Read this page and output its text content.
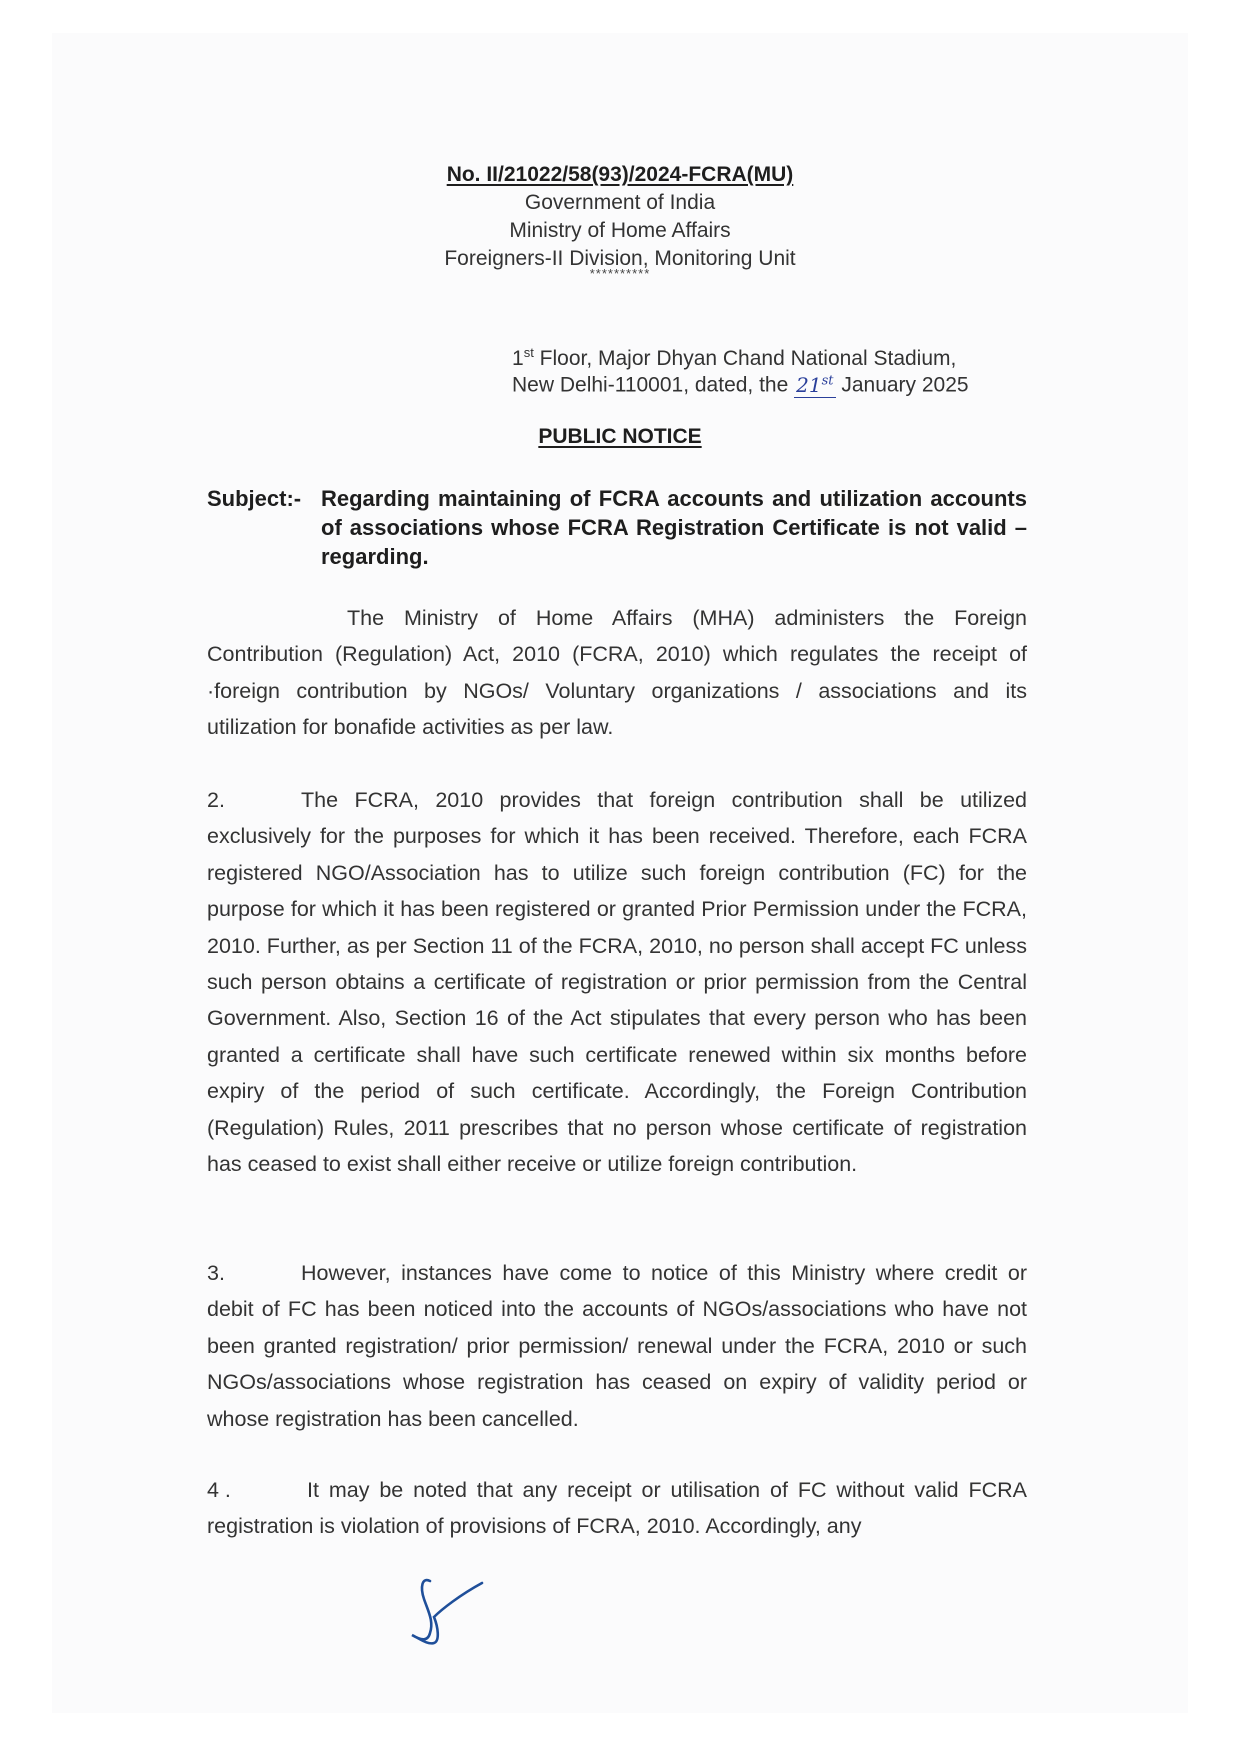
No. II/21022/58(93)/2024-FCRA(MU)
Government of India
Ministry of Home Affairs
Foreigners-II Division, Monitoring Unit
**********
1st Floor, Major Dhyan Chand National Stadium,
New Delhi-110001, dated, the 21st January 2025
PUBLIC NOTICE
Subject:- Regarding maintaining of FCRA accounts and utilization accounts of associations whose FCRA Registration Certificate is not valid – regarding.
The Ministry of Home Affairs (MHA) administers the Foreign Contribution (Regulation) Act, 2010 (FCRA, 2010) which regulates the receipt of ·foreign contribution by NGOs/ Voluntary organizations / associations and its utilization for bonafide activities as per law.
2.	The FCRA, 2010 provides that foreign contribution shall be utilized exclusively for the purposes for which it has been received. Therefore, each FCRA registered NGO/Association has to utilize such foreign contribution (FC) for the purpose for which it has been registered or granted Prior Permission under the FCRA, 2010. Further, as per Section 11 of the FCRA, 2010, no person shall accept FC unless such person obtains a certificate of registration or prior permission from the Central Government. Also, Section 16 of the Act stipulates that every person who has been granted a certificate shall have such certificate renewed within six months before expiry of the period of such certificate. Accordingly, the Foreign Contribution (Regulation) Rules, 2011 prescribes that no person whose certificate of registration has ceased to exist shall either receive or utilize foreign contribution.
3.	However, instances have come to notice of this Ministry where credit or debit of FC has been noticed into the accounts of NGOs/associations who have not been granted registration/ prior permission/ renewal under the FCRA, 2010 or such NGOs/associations whose registration has ceased on expiry of validity period or whose registration has been cancelled.
4 .	It may be noted that any receipt or utilisation of FC without valid FCRA registration is violation of provisions of FCRA, 2010. Accordingly, any
